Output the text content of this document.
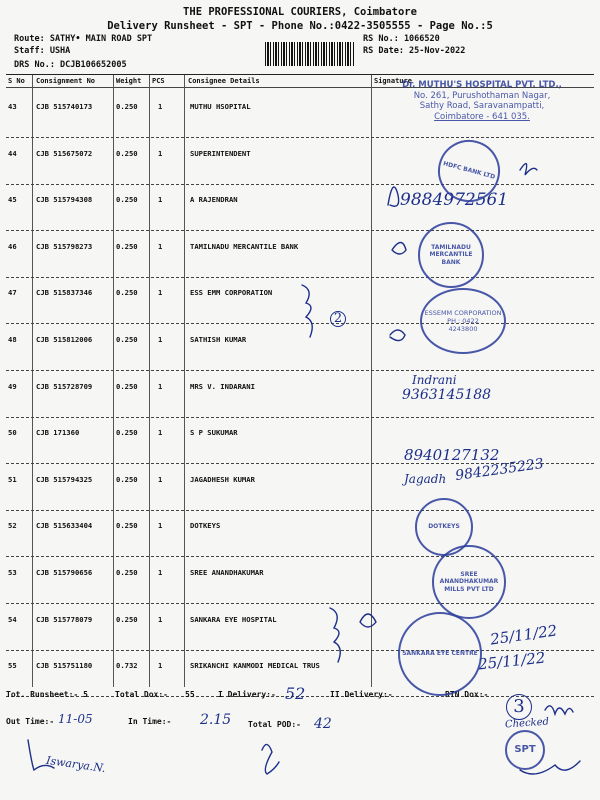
THE PROFESSIONAL COURIERS, Coimbatore
Delivery Runsheet - SPT - Phone No.:0422-3505555 - Page No.:5
Route: SATHY• MAIN ROAD SPT
Staff: USHA
DRS No.: DCJB106652005
RS No.: 1066520
RS Date: 25-Nov-2022
S No Consignment No	Weight PCS	Consignee Details	Signature
43	CJB 515740173	0.250	1	MUTHU HSOPITAL
44	CJB 515675072	0.250	1	SUPERINTENDENT
45	CJB 515794308	0.250	1	A RAJENDRAN
46	CJB 515798273	0.250	1	TAMILNADU MERCANTILE BANK
47	CJB 515837346	0.250	1	ESS EMM CORPORATION
48	CJB 515812006	0.250	1	SATHISH KUMAR
49	CJB 515728709	0.250	1	MRS V. INDARANI
50	CJB 171360	0.250	1	S P SUKUMAR
51	CJB 515794325	0.250	1	JAGADHESH KUMAR
52	CJB 515633404	0.250	1	DOTKEYS
53	CJB 515790656	0.250	1	SREE ANANDHAKUMAR
54	CJB 515778079	0.250	1	SANKARA EYE HOSPITAL
55	CJB 515751180	0.732	1	SRIKANCHI KANMODI MEDICAL TRUS
Tot. Runsheet:- 5	Total Dox:- 55	I Delivery:- 52	II Delivery:-	RTN Dox:-
3
Out Time:- 11-05	In Time:- 2.15 Total POD:- 42
9884972561
Indrani
9363145188
8940127132
Jagadh 9842235223
25/11/22
25/11/22
2
Iswarya.N.
Checked
Dr. MUTHU'S HOSPITAL PVT. LTD.,
No. 261, Purushothaman Nagar,
Sathy Road, Saravanampatti,
Coimbatore - 641 035.
HDFC BANK LTD
TAMILNADU MERCANTILE BANK
ESSEMM CORPORATION
PH : 0422
4243800
DOTKEYS
SREE ANANDHAKUMAR MILLS PVT LTD
SANKARA EYE CENTRE
SPT
